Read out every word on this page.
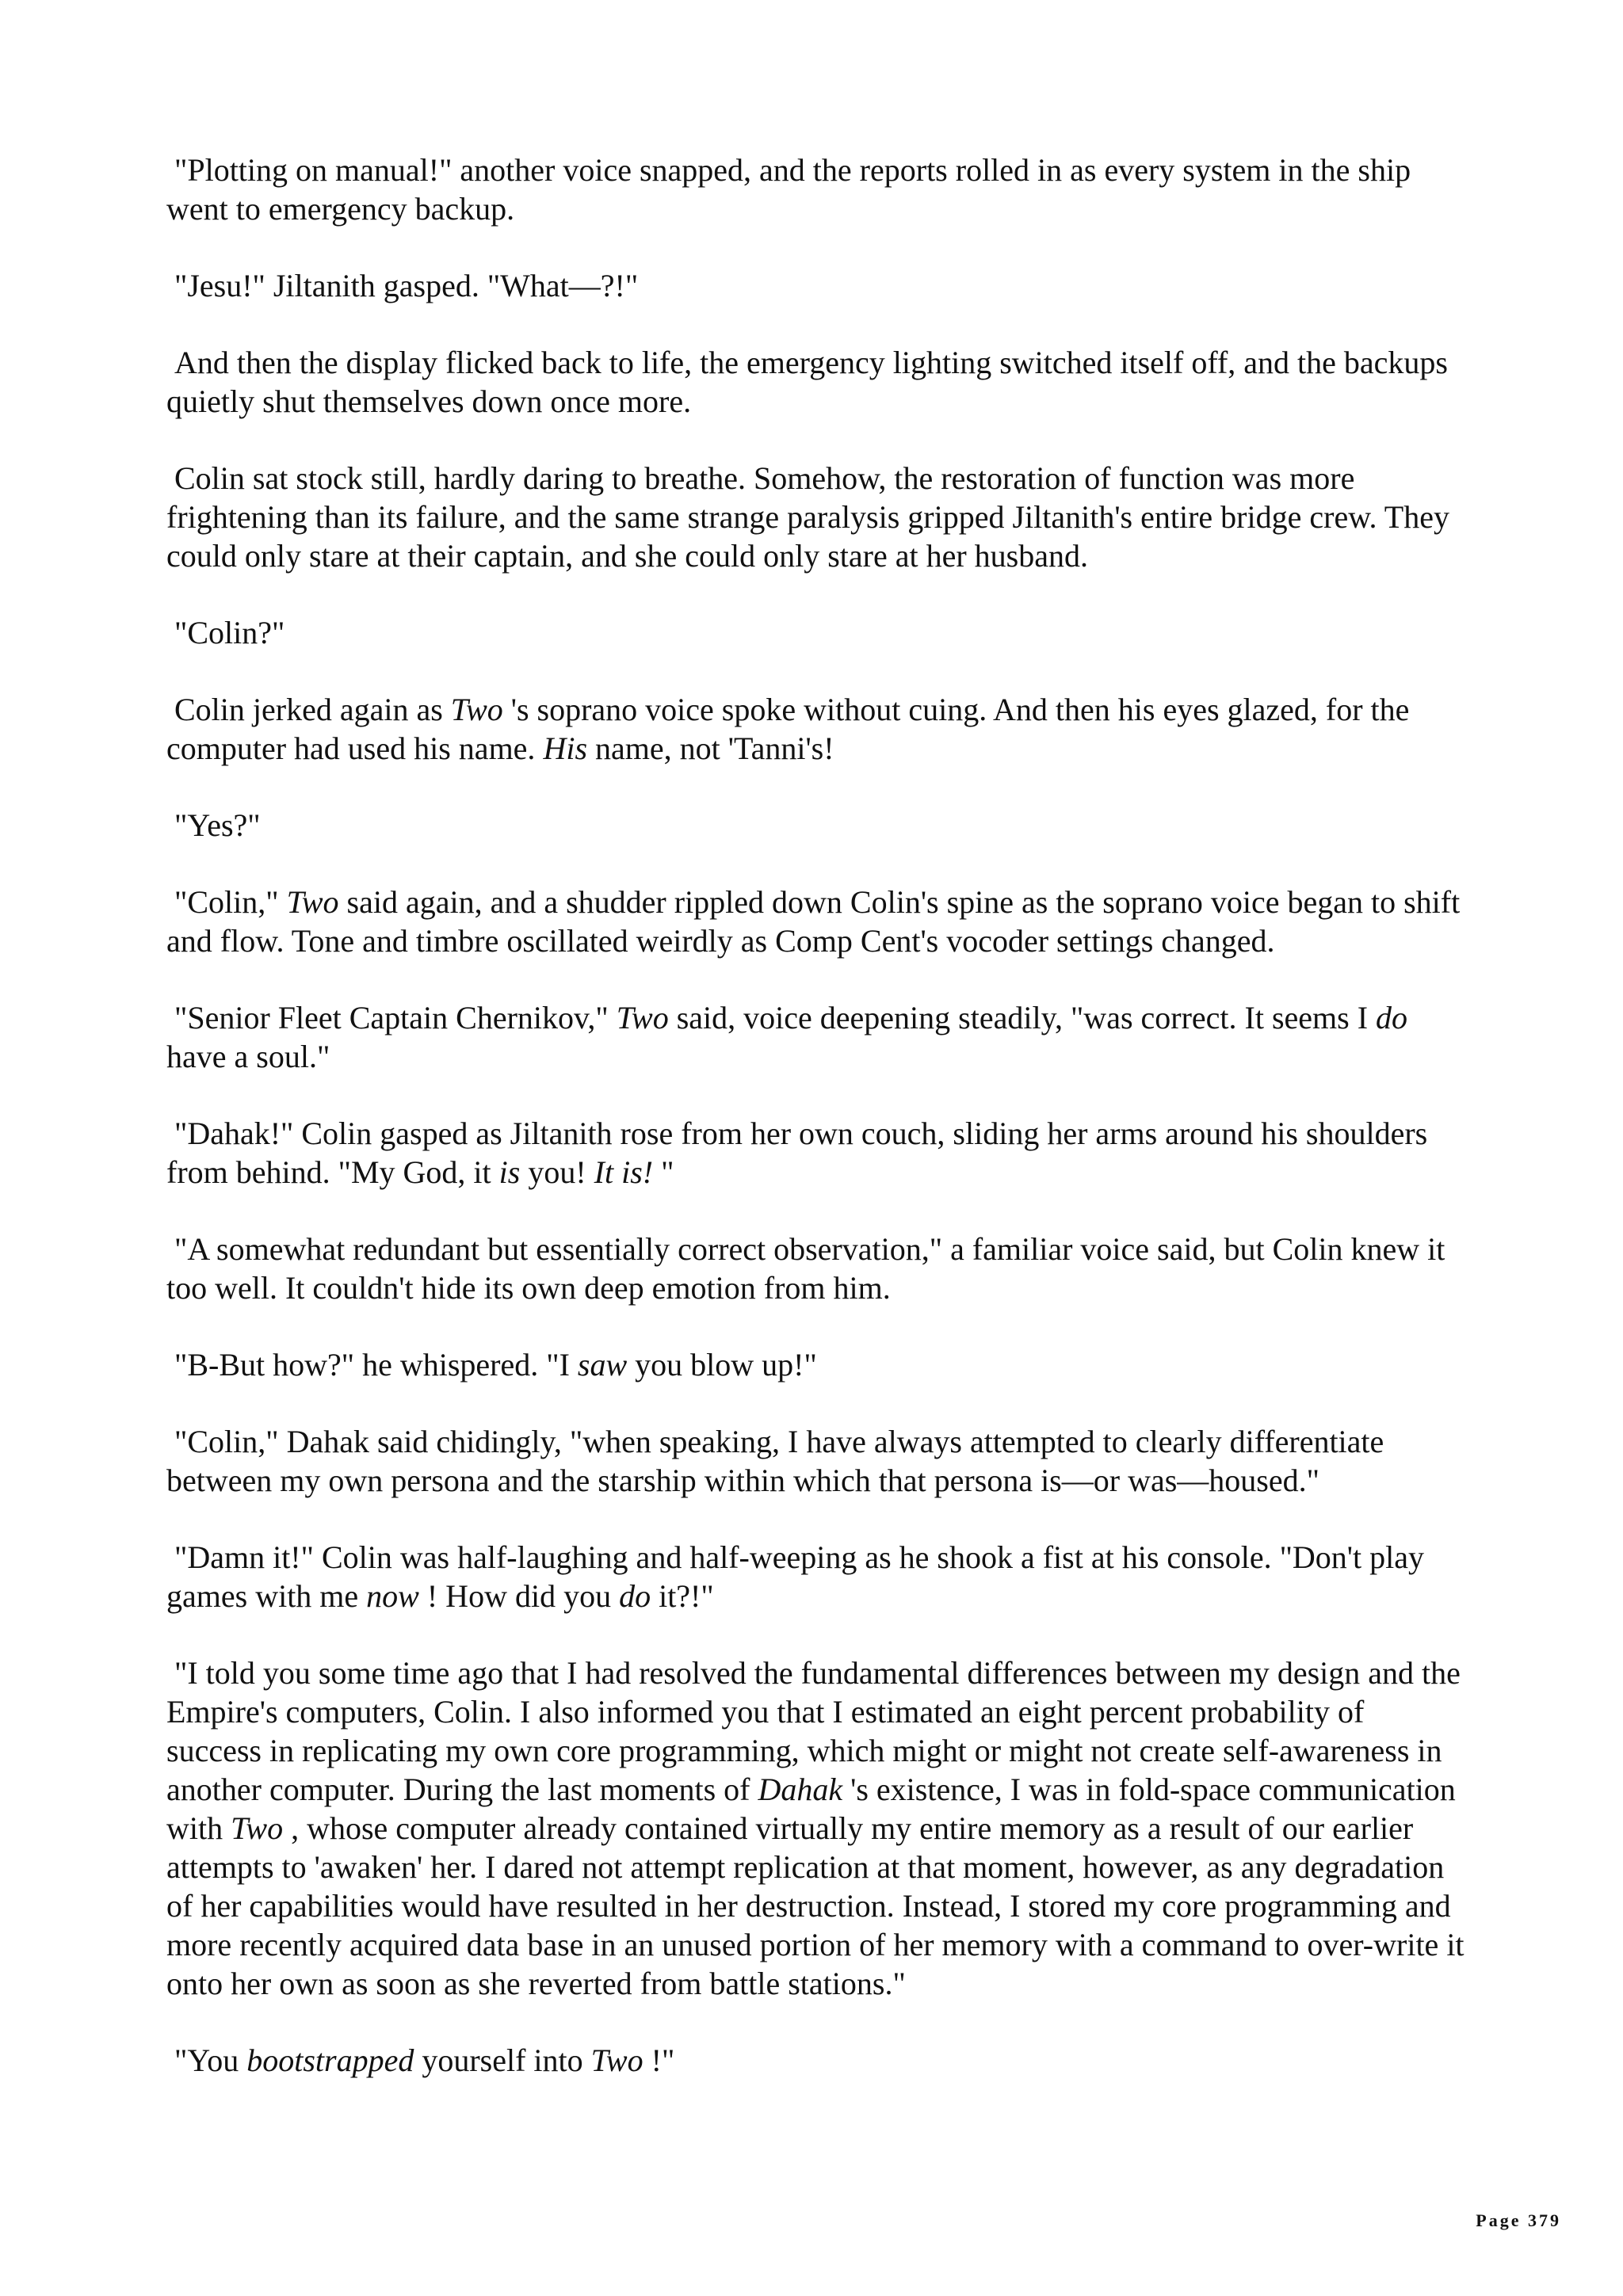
"Plotting on manual!" another voice snapped, and the reports rolled in as every system in the ship went to emergency backup.

"Jesu!" Jiltanith gasped. "What—?!"

And then the display flicked back to life, the emergency lighting switched itself off, and the backups quietly shut themselves down once more.

Colin sat stock still, hardly daring to breathe. Somehow, the restoration of function was more frightening than its failure, and the same strange paralysis gripped Jiltanith's entire bridge crew. They could only stare at their captain, and she could only stare at her husband.

"Colin?"

Colin jerked again as Two 's soprano voice spoke without cuing. And then his eyes glazed, for the computer had used his name. His name, not 'Tanni's!

"Yes?"

"Colin," Two said again, and a shudder rippled down Colin's spine as the soprano voice began to shift and flow. Tone and timbre oscillated weirdly as Comp Cent's vocoder settings changed.

"Senior Fleet Captain Chernikov," Two said, voice deepening steadily, "was correct. It seems I do have a soul."

"Dahak!" Colin gasped as Jiltanith rose from her own couch, sliding her arms around his shoulders from behind. "My God, it is you! It is! "

"A somewhat redundant but essentially correct observation," a familiar voice said, but Colin knew it too well. It couldn't hide its own deep emotion from him.

"B-But how?" he whispered. "I saw you blow up!"

"Colin," Dahak said chidingly, "when speaking, I have always attempted to clearly differentiate between my own persona and the starship within which that persona is—or was—housed."

"Damn it!" Colin was half-laughing and half-weeping as he shook a fist at his console. "Don't play games with me now ! How did you do it?!"

"I told you some time ago that I had resolved the fundamental differences between my design and the Empire's computers, Colin. I also informed you that I estimated an eight percent probability of success in replicating my own core programming, which might or might not create self-awareness in another computer. During the last moments of Dahak 's existence, I was in fold-space communication with Two , whose computer already contained virtually my entire memory as a result of our earlier attempts to 'awaken' her. I dared not attempt replication at that moment, however, as any degradation of her capabilities would have resulted in her destruction. Instead, I stored my core programming and more recently acquired data base in an unused portion of her memory with a command to over-write it onto her own as soon as she reverted from battle stations."

"You bootstrapped yourself into Two !"

Page 379
